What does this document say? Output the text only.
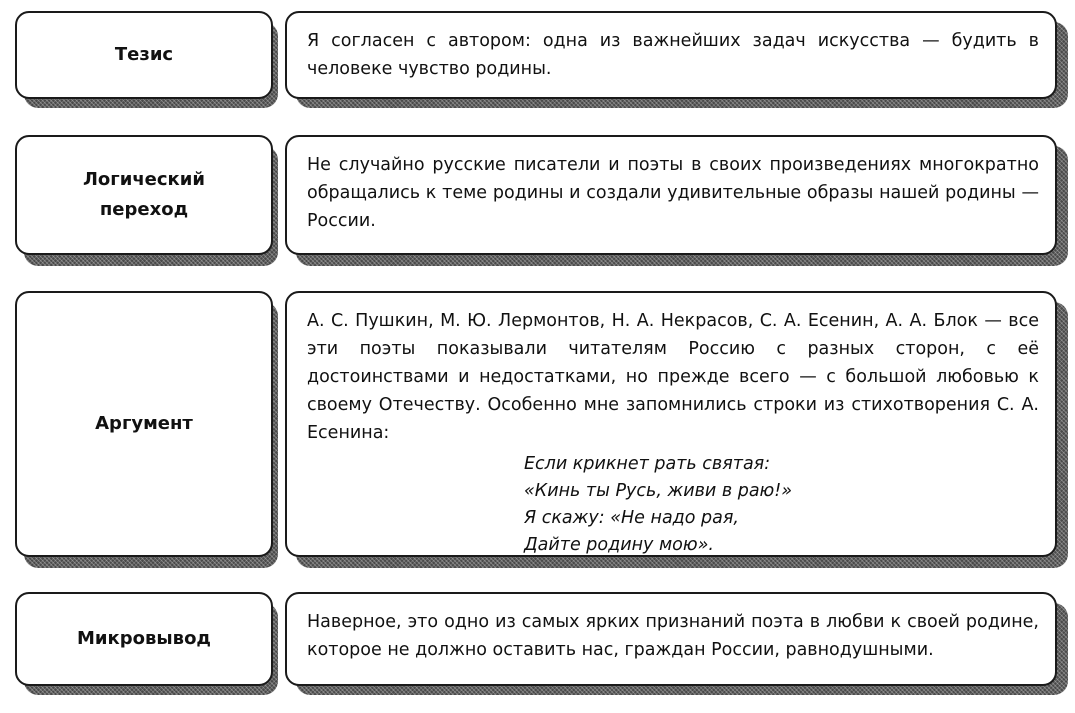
Тезис

Я согласен с автором: одна из важнейших задач искусства — будить в человеке чувство родины.

Логический
переход

Не случайно русские писатели и поэты в своих произведениях многократно обращались к теме родины и создали удивительные образы нашей родины — России.

Аргумент

А. С. Пушкин, М. Ю. Лермонтов, Н. А. Некрасов, С. А. Есенин, А. А. Блок — все эти поэты показывали читателям Россию с разных сторон, с её достоинствами и недостатками, но прежде всего — с большой любовью к своему Отечеству. Особенно мне запомнились строки из стихотворения С. А. Есенина:

Если крикнет рать святая:
«Кинь ты Русь, живи в раю!»
Я скажу: «Не надо рая,
Дайте родину мою».
Микровывод

Наверное, это одно из самых ярких признаний поэта в любви к своей родине, которое не должно оставить нас, граждан России, равнодушными.
